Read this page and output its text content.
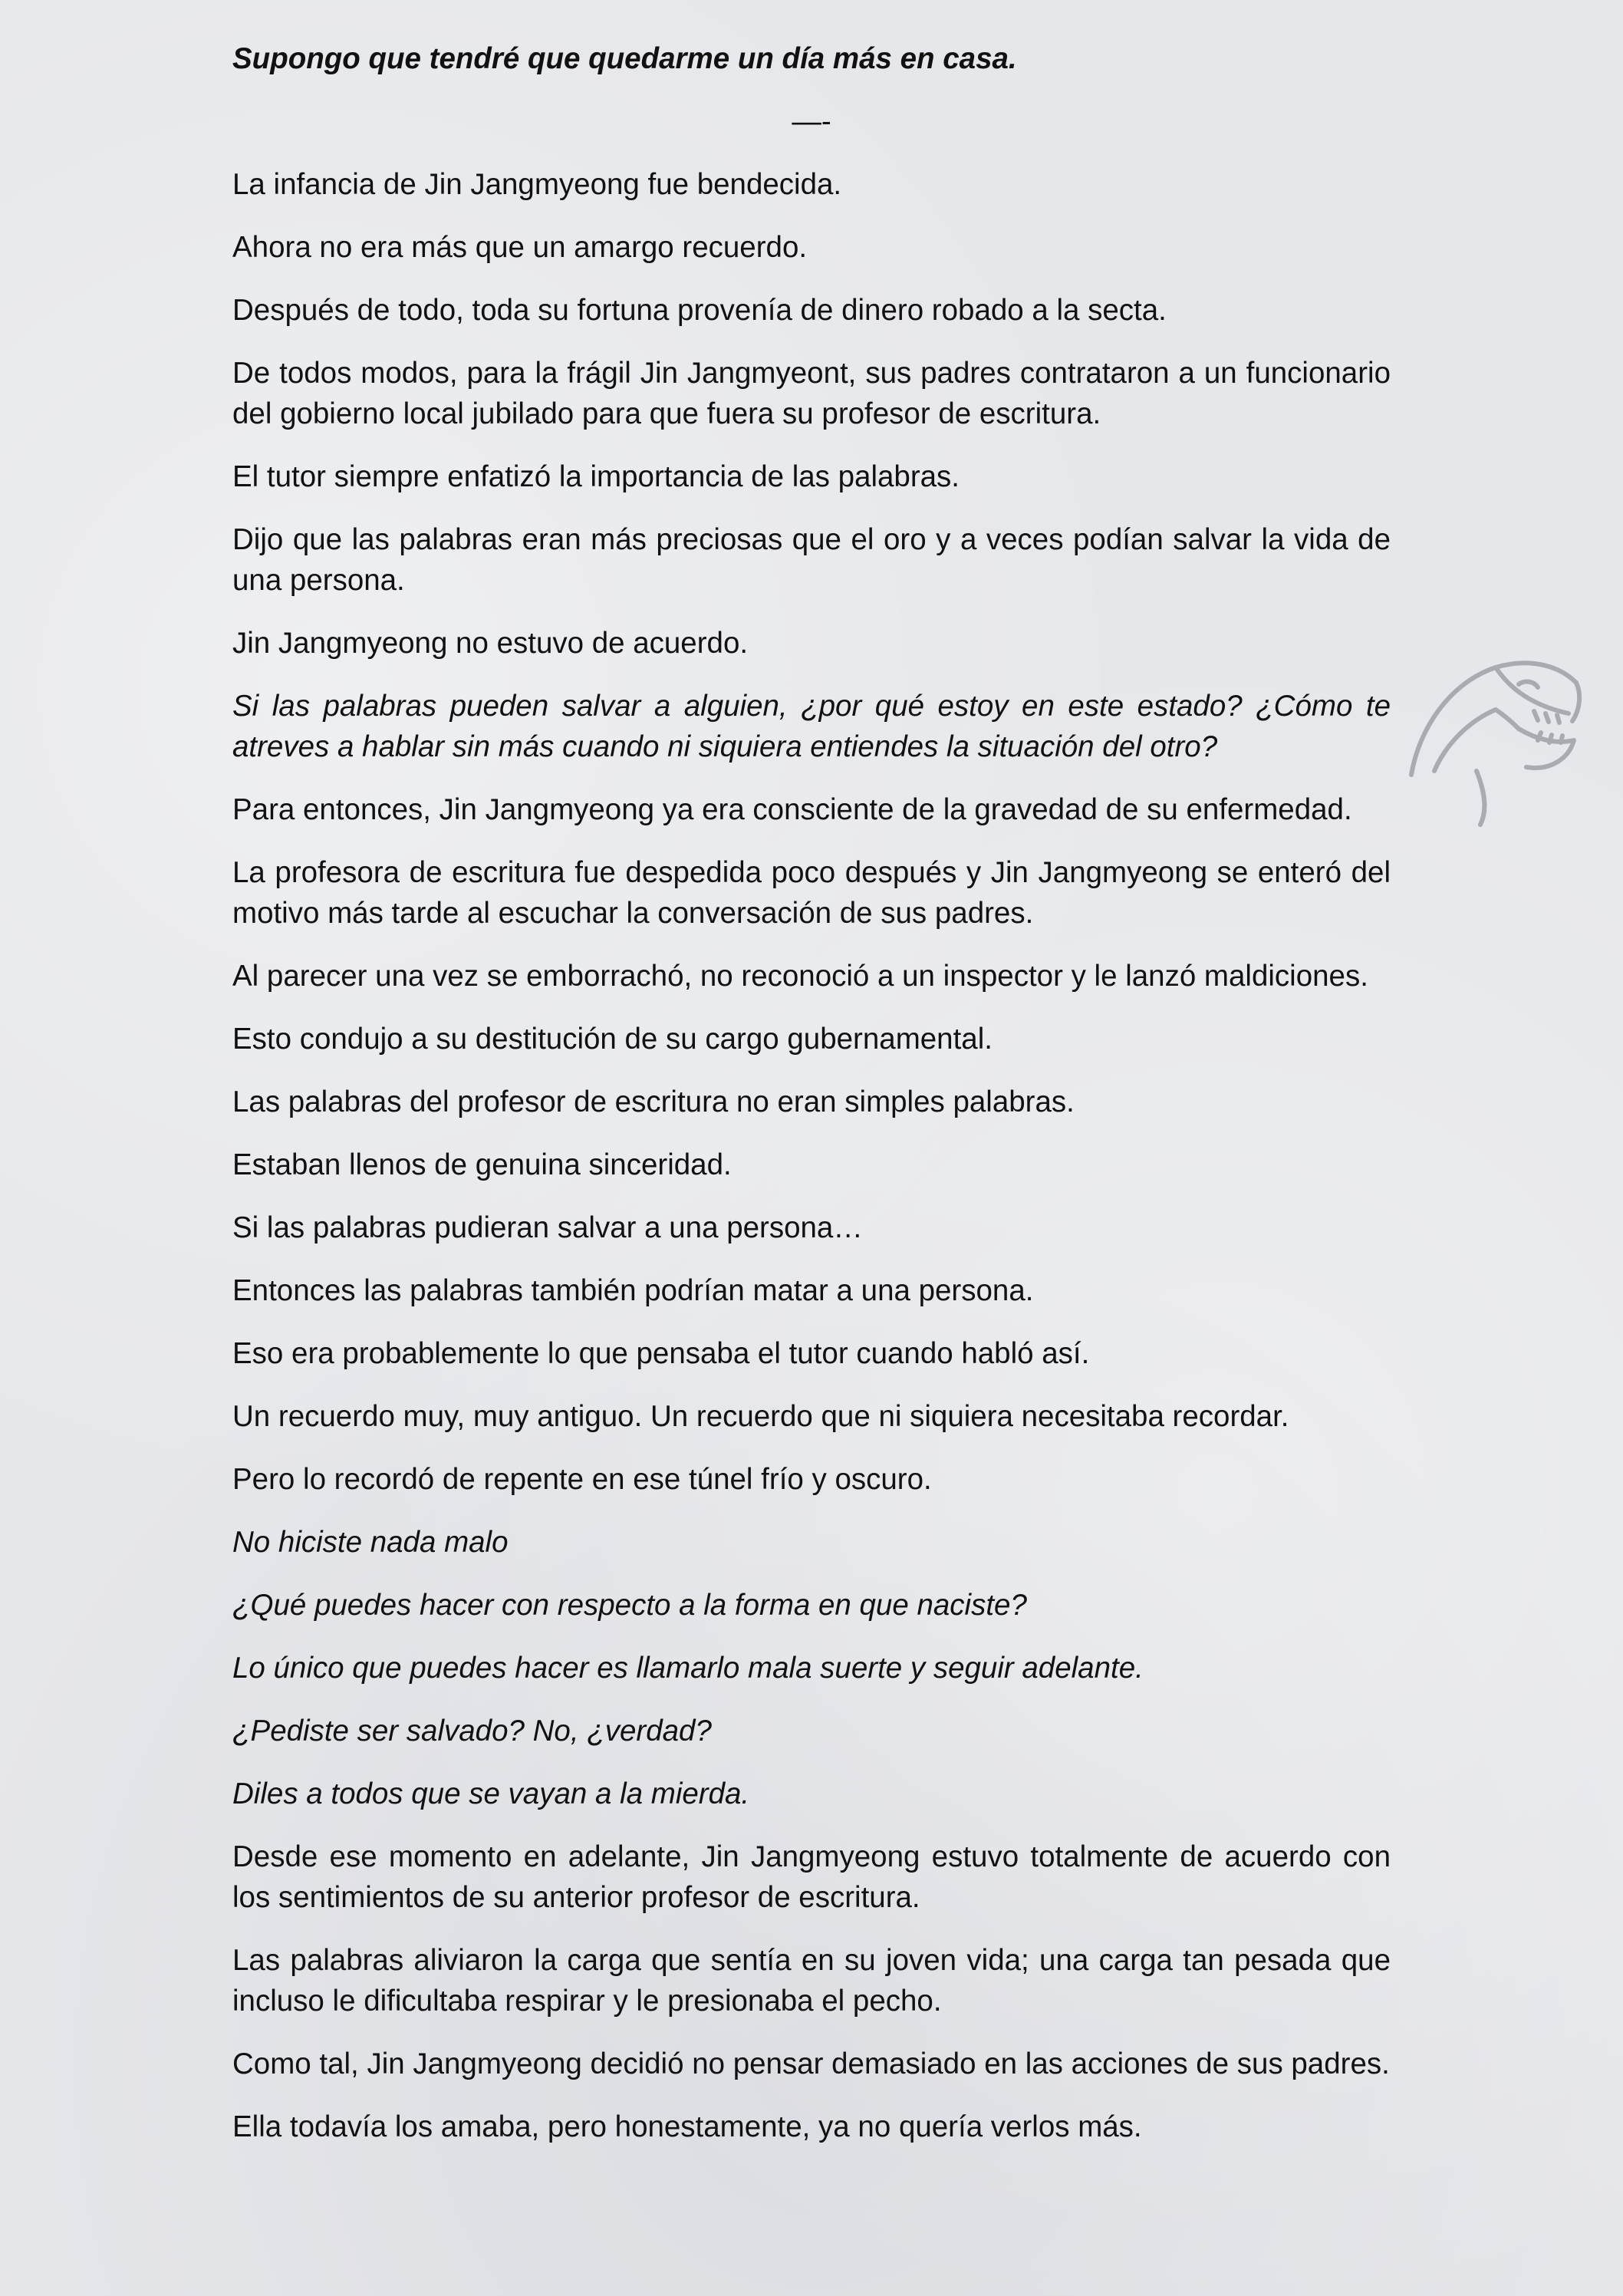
Supongo que tendré que quedarme un día más en casa.

—-

La infancia de Jin Jangmyeong fue bendecida.

Ahora no era más que un amargo recuerdo.

Después de todo, toda su fortuna provenía de dinero robado a la secta.

De todos modos, para la frágil Jin Jangmyeont, sus padres contrataron a un funcionario del gobierno local jubilado para que fuera su profesor de escritura.

El tutor siempre enfatizó la importancia de las palabras.

Dijo que las palabras eran más preciosas que el oro y a veces podían salvar la vida de una persona.

Jin Jangmyeong no estuvo de acuerdo.

Si las palabras pueden salvar a alguien, ¿por qué estoy en este estado? ¿Cómo te atreves a hablar sin más cuando ni siquiera entiendes la situación del otro?

Para entonces, Jin Jangmyeong ya era consciente de la gravedad de su enfermedad.

La profesora de escritura fue despedida poco después y Jin Jangmyeong se enteró del motivo más tarde al escuchar la conversación de sus padres.

Al parecer una vez se emborrachó, no reconoció a un inspector y le lanzó maldiciones.

Esto condujo a su destitución de su cargo gubernamental.

Las palabras del profesor de escritura no eran simples palabras.

Estaban llenos de genuina sinceridad.

Si las palabras pudieran salvar a una persona…

Entonces las palabras también podrían matar a una persona.

Eso era probablemente lo que pensaba el tutor cuando habló así.

Un recuerdo muy, muy antiguo. Un recuerdo que ni siquiera necesitaba recordar.

Pero lo recordó de repente en ese túnel frío y oscuro.

No hiciste nada malo

¿Qué puedes hacer con respecto a la forma en que naciste?

Lo único que puedes hacer es llamarlo mala suerte y seguir adelante.

¿Pediste ser salvado? No, ¿verdad?

Diles a todos que se vayan a la mierda.

Desde ese momento en adelante, Jin Jangmyeong estuvo totalmente de acuerdo con los sentimientos de su anterior profesor de escritura.

Las palabras aliviaron la carga que sentía en su joven vida; una carga tan pesada que incluso le dificultaba respirar y le presionaba el pecho.

Como tal, Jin Jangmyeong decidió no pensar demasiado en las acciones de sus padres.

Ella todavía los amaba, pero honestamente, ya no quería verlos más.
